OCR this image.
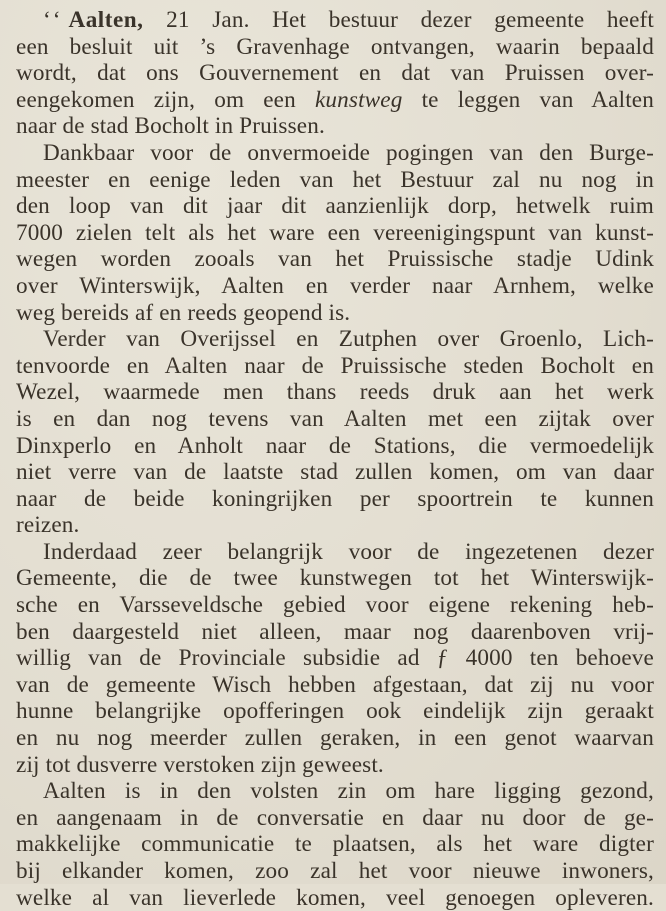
ʻʻ Aalten, 21 Jan. Het bestuur dezer gemeente heeft
een besluit uit ’s Gravenhage ontvangen, waarin bepaald
wordt, dat ons Gouvernement en dat van Pruissen over-
eengekomen zijn, om een kunstweg te leggen van Aalten
naar de stad Bocholt in Pruissen.
Dankbaar voor de onvermoeide pogingen van den Burge-
meester en eenige leden van het Bestuur zal nu nog in
den loop van dit jaar dit aanzienlijk dorp, hetwelk ruim
7000 zielen telt als het ware een vereenigingspunt van kunst-
wegen worden zooals van het Pruissische stadje Udink
over Winterswijk, Aalten en verder naar Arnhem, welke
weg bereids af en reeds geopend is.
Verder van Overijssel en Zutphen over Groenlo, Lich-
tenvoorde en Aalten naar de Pruissische steden Bocholt en
Wezel, waarmede men thans reeds druk aan het werk
is en dan nog tevens van Aalten met een zijtak over
Dinxperlo en Anholt naar de Stations, die vermoedelijk
niet verre van de laatste stad zullen komen, om van daar
naar de beide koningrijken per spoortrein te kunnen
reizen.
Inderdaad zeer belangrijk voor de ingezetenen dezer
Gemeente, die de twee kunstwegen tot het Winterswijk-
sche en Varsseveldsche gebied voor eigene rekening heb-
ben daargesteld niet alleen, maar nog daarenboven vrij-
willig van de Provinciale subsidie ad ƒ 4000 ten behoeve
van de gemeente Wisch hebben afgestaan, dat zij nu voor
hunne belangrijke opofferingen ook eindelijk zijn geraakt
en nu nog meerder zullen geraken, in een genot waarvan
zij tot dusverre verstoken zijn geweest.
Aalten is in den volsten zin om hare ligging gezond,
en aangenaam in de conversatie en daar nu door de ge-
makkelijke communicatie te plaatsen, als het ware digter
bij elkander komen, zoo zal het voor nieuwe inwoners,
welke al van lieverlede komen, veel genoegen opleveren.
